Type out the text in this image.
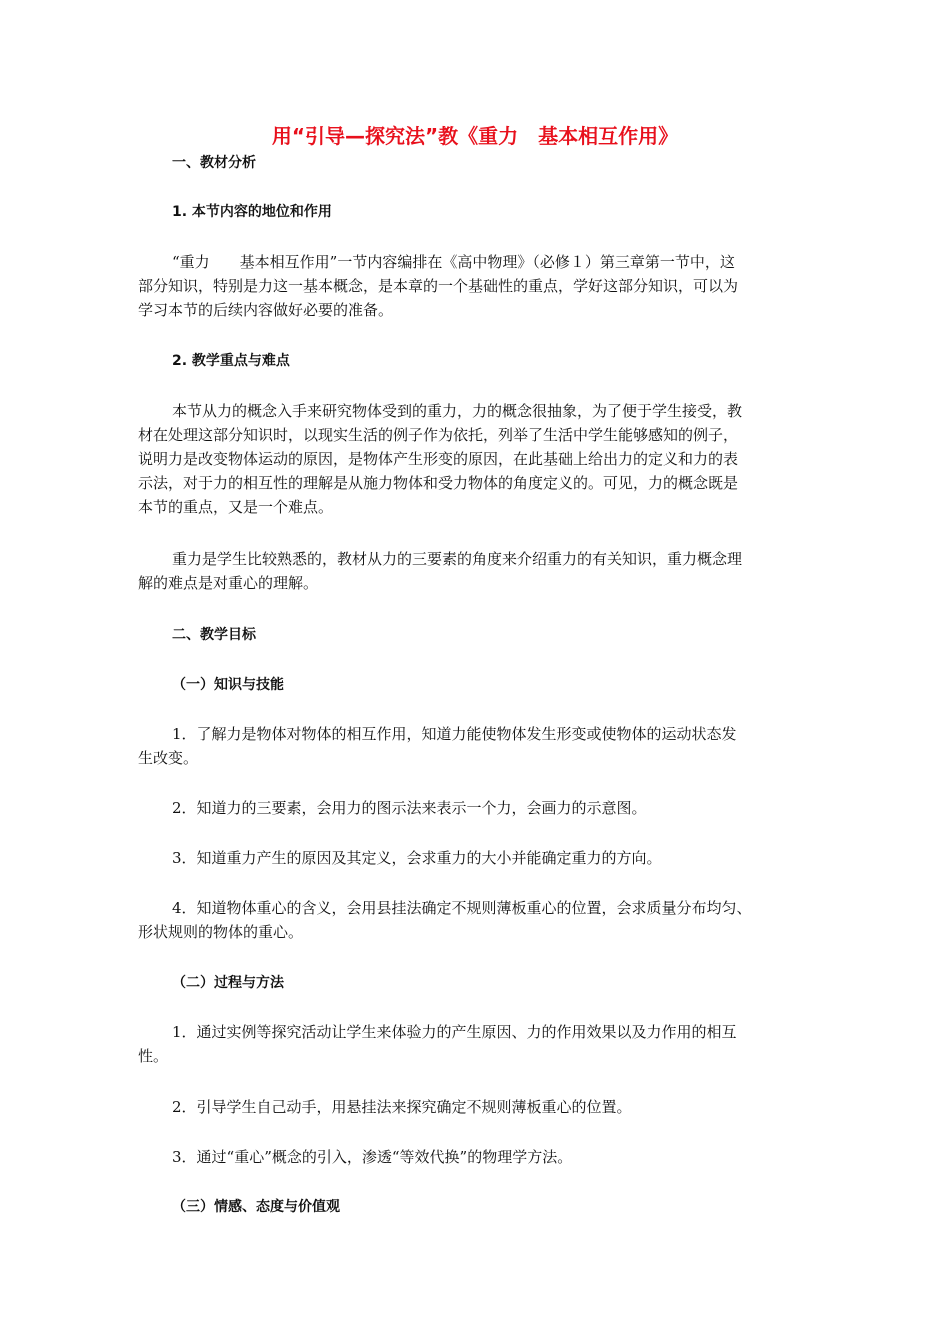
用“引导—探究法”教《重力　基本相互作用》
一、教材分析
1. 本节内容的地位和作用
“重力　　基本相互作用”一节内容编排在《高中物理》（必修１）第三章第一节中，这
部分知识，特别是力这一基本概念，是本章的一个基础性的重点，学好这部分知识，可以为
学习本节的后续内容做好必要的准备。
2. 教学重点与难点
本节从力的概念入手来研究物体受到的重力，力的概念很抽象，为了便于学生接受，教
材在处理这部分知识时，以现实生活的例子作为依托，列举了生活中学生能够感知的例子，
说明力是改变物体运动的原因，是物体产生形变的原因，在此基础上给出力的定义和力的表
示法，对于力的相互性的理解是从施力物体和受力物体的角度定义的。可见，力的概念既是
本节的重点，又是一个难点。
重力是学生比较熟悉的，教材从力的三要素的角度来介绍重力的有关知识，重力概念理
解的难点是对重心的理解。
二、教学目标
（一）知识与技能
1．了解力是物体对物体的相互作用，知道力能使物体发生形变或使物体的运动状态发
生改变。
2．知道力的三要素，会用力的图示法来表示一个力，会画力的示意图。
3．知道重力产生的原因及其定义，会求重力的大小并能确定重力的方向。
4．知道物体重心的含义，会用县挂法确定不规则薄板重心的位置，会求质量分布均匀、
形状规则的物体的重心。
（二）过程与方法
1．通过实例等探究活动让学生来体验力的产生原因、力的作用效果以及力作用的相互
性。
2．引导学生自己动手，用悬挂法来探究确定不规则薄板重心的位置。
3．通过“重心”概念的引入，渗透“等效代换”的物理学方法。
（三）情感、态度与价值观
